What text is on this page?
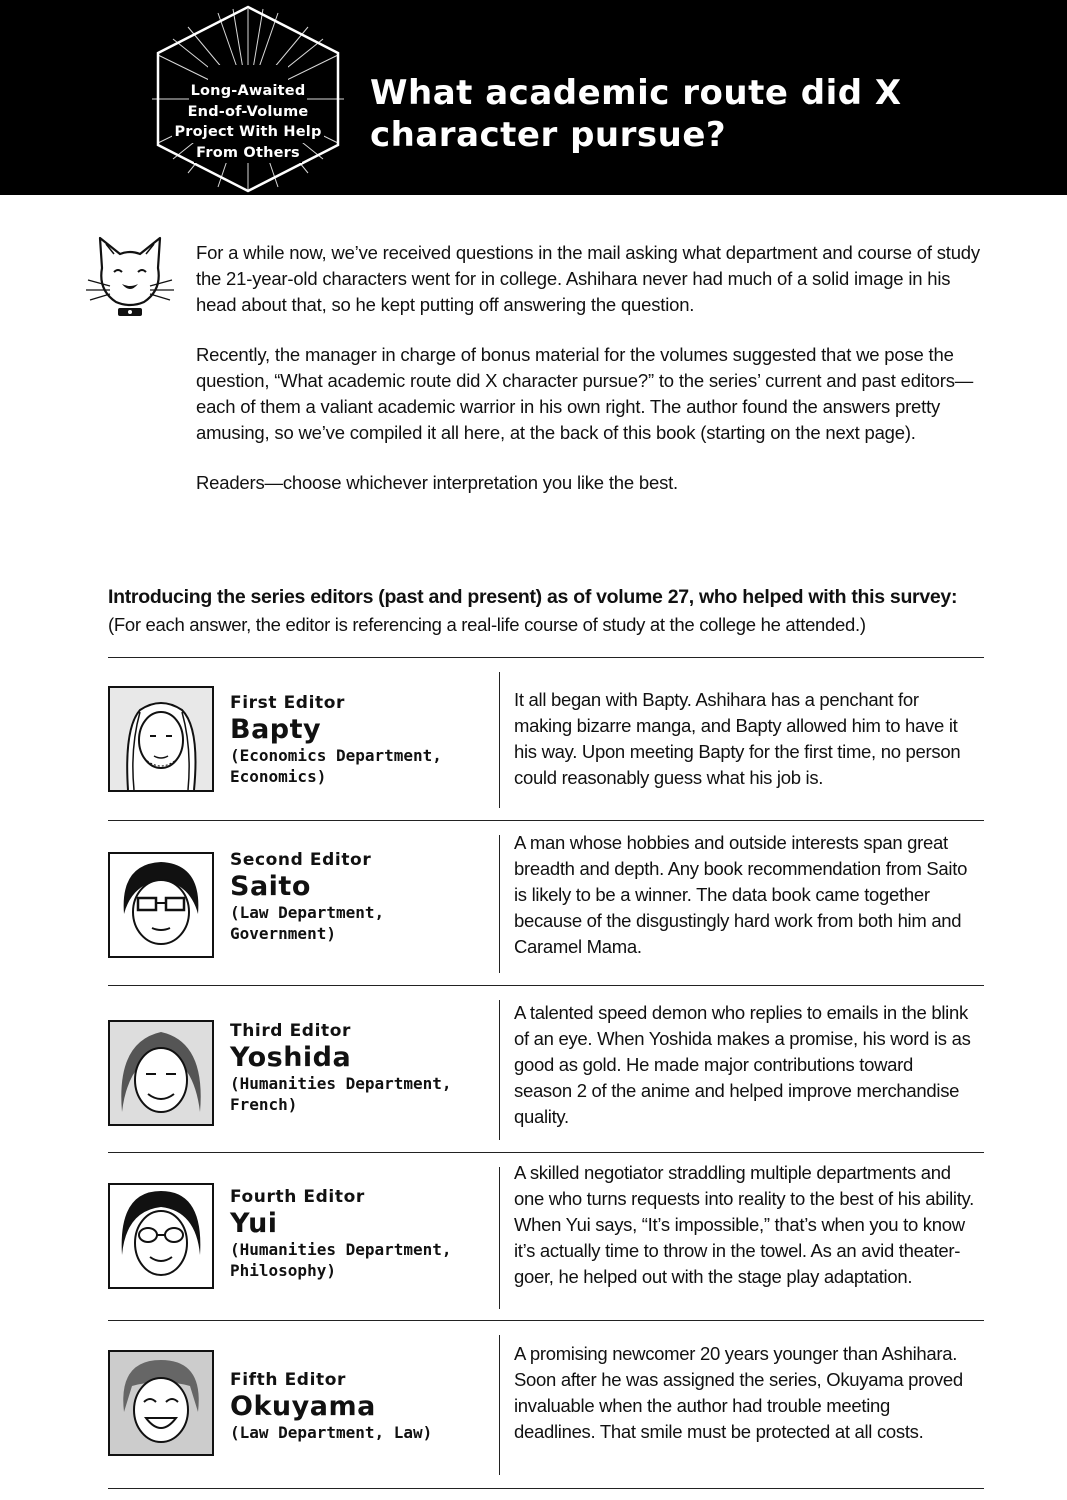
Long-Awaited
End-of-Volume
Project With Help
From Others
What academic route did X character pursue?

For a while now, we’ve received questions in the mail asking what department and course of study the 21-year-old characters went for in college. Ashihara never had much of a solid image in his head about that, so he kept putting off answering the question.

Recently, the manager in charge of bonus material for the volumes suggested that we pose the question, “What academic route did X character pursue?” to the series’ current and past editors—each of them a valiant academic warrior in his own right. The author found the answers pretty amusing, so we’ve compiled it all here, at the back of this book (starting on the next page).

Readers—choose whichever interpretation you like the best.

Introducing the series editors (past and present) as of volume 27, who helped with this survey:
(For each answer, the editor is referencing a real-life course of study at the college he attended.)
First Editor
Bapty
(Economics Department, Economics)
It all began with Bapty. Ashihara has a penchant for making bizarre manga, and Bapty allowed him to have it his way. Upon meeting Bapty for the first time, no person could reasonably guess what his job is.
Second Editor
Saito
(Law Department, Government)
A man whose hobbies and outside interests span great breadth and depth. Any book recommendation from Saito is likely to be a winner. The data book came together because of the disgustingly hard work from both him and Caramel Mama.
Third Editor
Yoshida
(Humanities Department, French)
A talented speed demon who replies to emails in the blink of an eye. When Yoshida makes a promise, his word is as good as gold. He made major contributions toward season 2 of the anime and helped improve merchandise quality.
Fourth Editor
Yui
(Humanities Department, Philosophy)
A skilled negotiator straddling multiple departments and one who turns requests into reality to the best of his ability. When Yui says, “It’s impossible,” that’s when you to know it’s actually time to throw in the towel. As an avid theater-goer, he helped out with the stage play adaptation.
Fifth Editor
Okuyama
(Law Department, Law)
A promising newcomer 20 years younger than Ashihara. Soon after he was assigned the series, Okuyama proved invaluable when the author had trouble meeting deadlines. That smile must be protected at all costs.
